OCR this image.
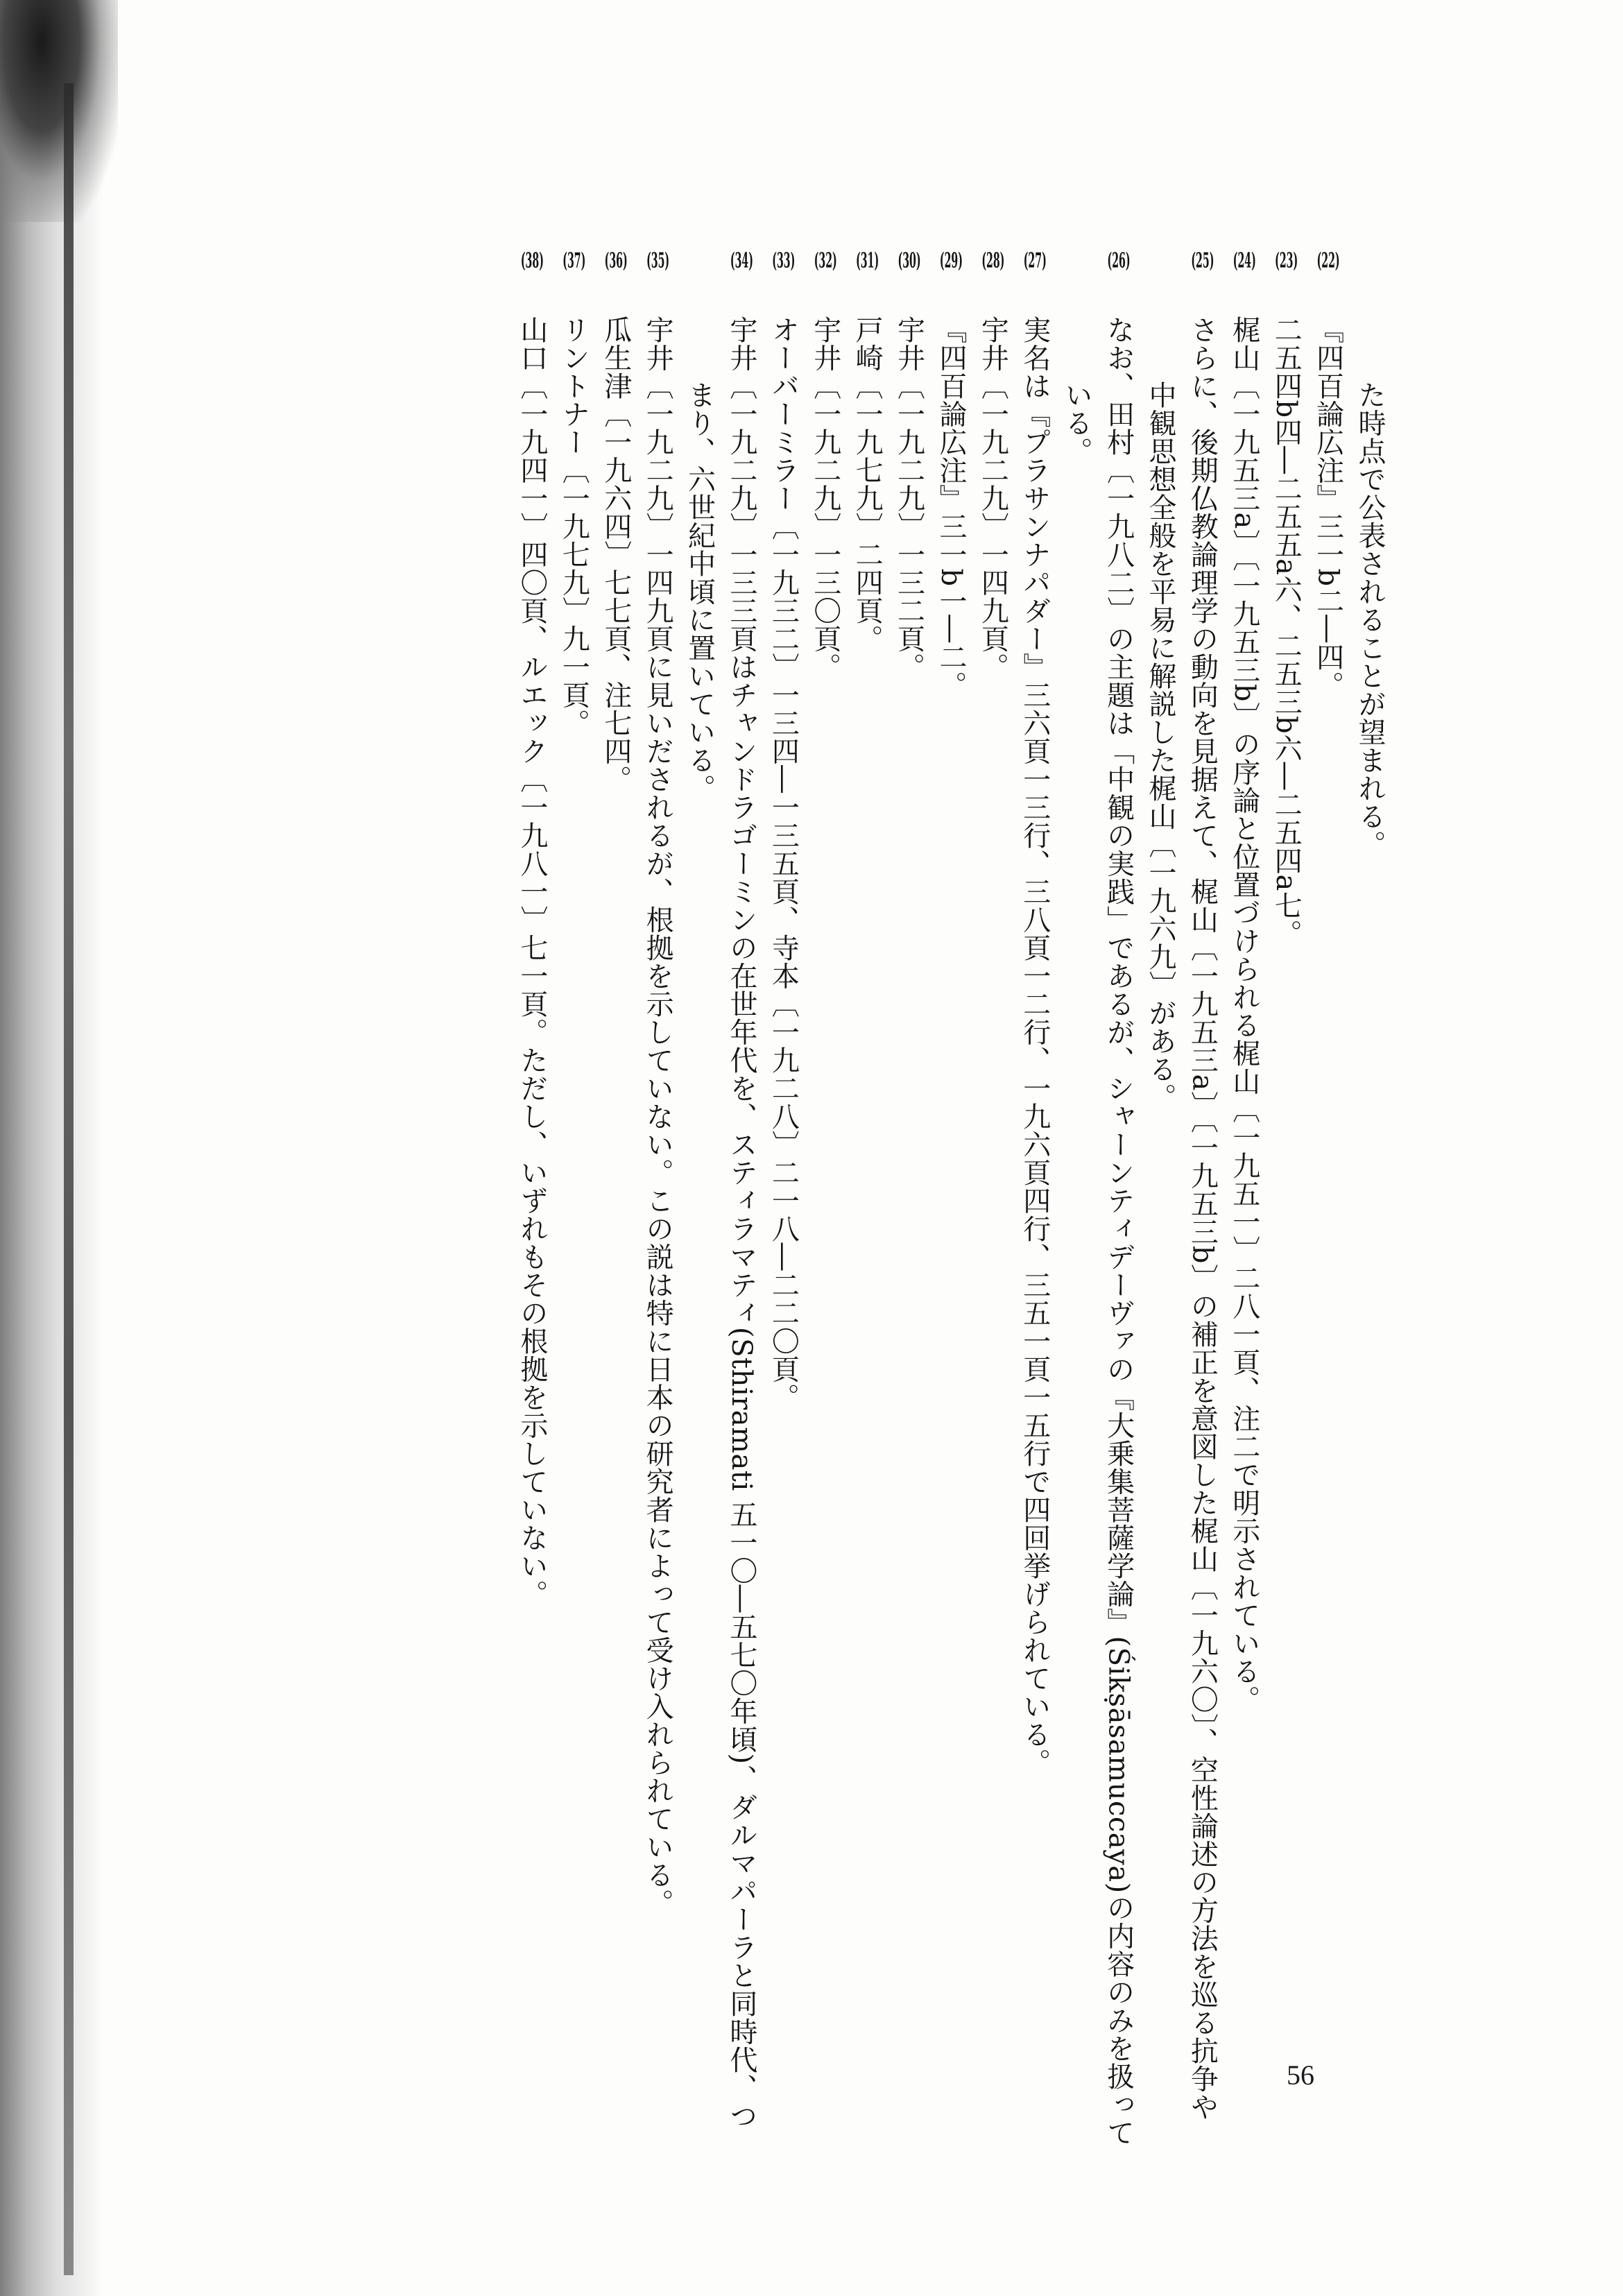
た時点で公表されることが望まれる。

(22)『四百論広注』三一b二―四。

(23)二五四b四―二五五a六、二五三b六―二五四a七。

(24)梶山〔一九五三a〕〔一九五三b〕の序論と位置づけられる梶山〔一九五一〕二八一頁、注二で明示されている。

(25)さらに、後期仏教論理学の動向を見据えて、梶山〔一九五三a〕〔一九五三b〕の補正を意図した梶山〔一九六〇〕、空性論述の方法を巡る抗争や中観思想全般を平易に解説した梶山〔一九六九〕がある。

(26)なお、田村〔一九八二〕の主題は「中観の実践」であるが、シャーンティデーヴァの『大乗集菩薩学論』(Śikṣāsamuccaya)の内容のみを扱っている。

(27)実名は『プラサンナパダー』三六頁一三行、三八頁一二行、一九六頁四行、三五一頁一五行で四回挙げられている。

(28)宇井〔一九二九〕一四九頁。

(29)『四百論広注』三一b一―二。

(30)宇井〔一九二九〕一三二頁。

(31)戸崎〔一九七九〕二四頁。

(32)宇井〔一九二九〕一三〇頁。

(33)オーバーミラー〔一九三二〕一三四―一三五頁、寺本〔一九二八〕二一八―二二〇頁。

(34)宇井〔一九二九〕一三三頁はチャンドラゴーミンの在世年代を、スティラマティ(Sthiramati 五一〇―五七〇年頃)、ダルマパーラと同時代、つまり、六世紀中頃に置いている。

(35)宇井〔一九二九〕一四九頁に見いだされるが、根拠を示していない。この説は特に日本の研究者によって受け入れられている。

(36)瓜生津〔一九六四〕七七頁、注七四。

(37)リントナー〔一九七九〕九一頁。

(38)山口〔一九四一〕四〇頁、ルエック〔一九八一〕七一頁。ただし、いずれもその根拠を示していない。

56
